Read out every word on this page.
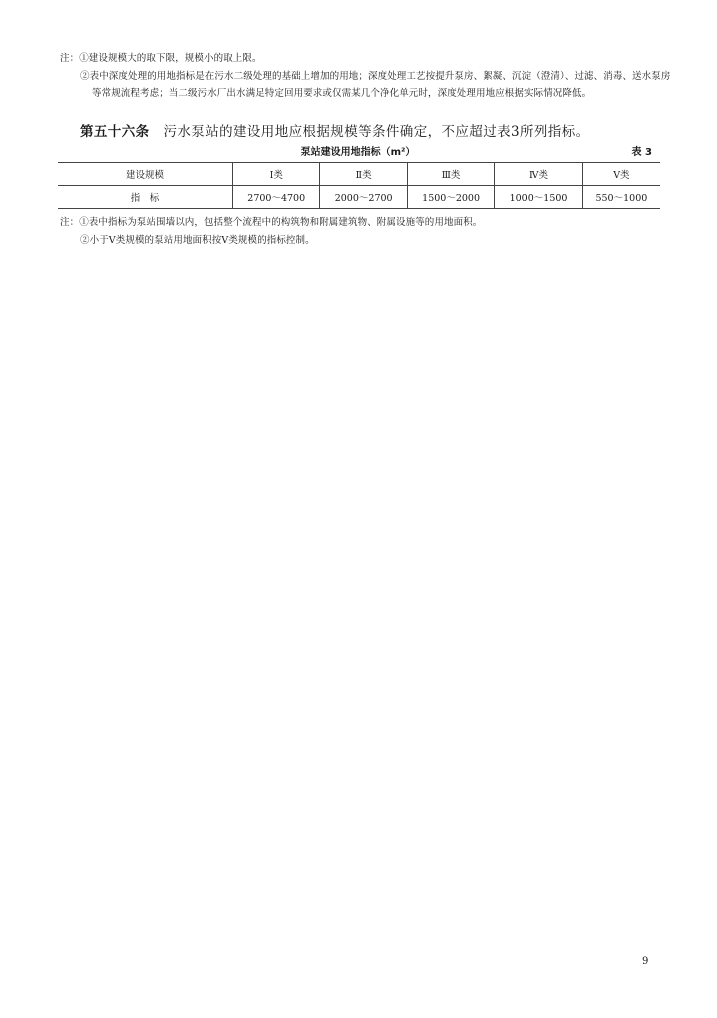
注：①建设规模大的取下限，规模小的取上限。
②表中深度处理的用地指标是在污水二级处理的基础上增加的用地；深度处理工艺按提升泵房、絮凝、沉淀（澄清）、过滤、消毒、送水泵房等常规流程考虑；当二级污水厂出水满足特定回用要求或仅需某几个净化单元时，深度处理用地应根据实际情况降低。
第五十六条 污水泵站的建设用地应根据规模等条件确定，不应超过表3所列指标。
泵站建设用地指标（m²）	表 3
建设规模	Ⅰ类	Ⅱ类	Ⅲ类	Ⅳ类	Ⅴ类
指　标	2700～4700	2000～2700	1500～2000	1000～1500	550～1000
注：①表中指标为泵站围墙以内，包括整个流程中的构筑物和附属建筑物、附属设施等的用地面积。
②小于Ⅴ类规模的泵站用地面积按Ⅴ类规模的指标控制。
9
